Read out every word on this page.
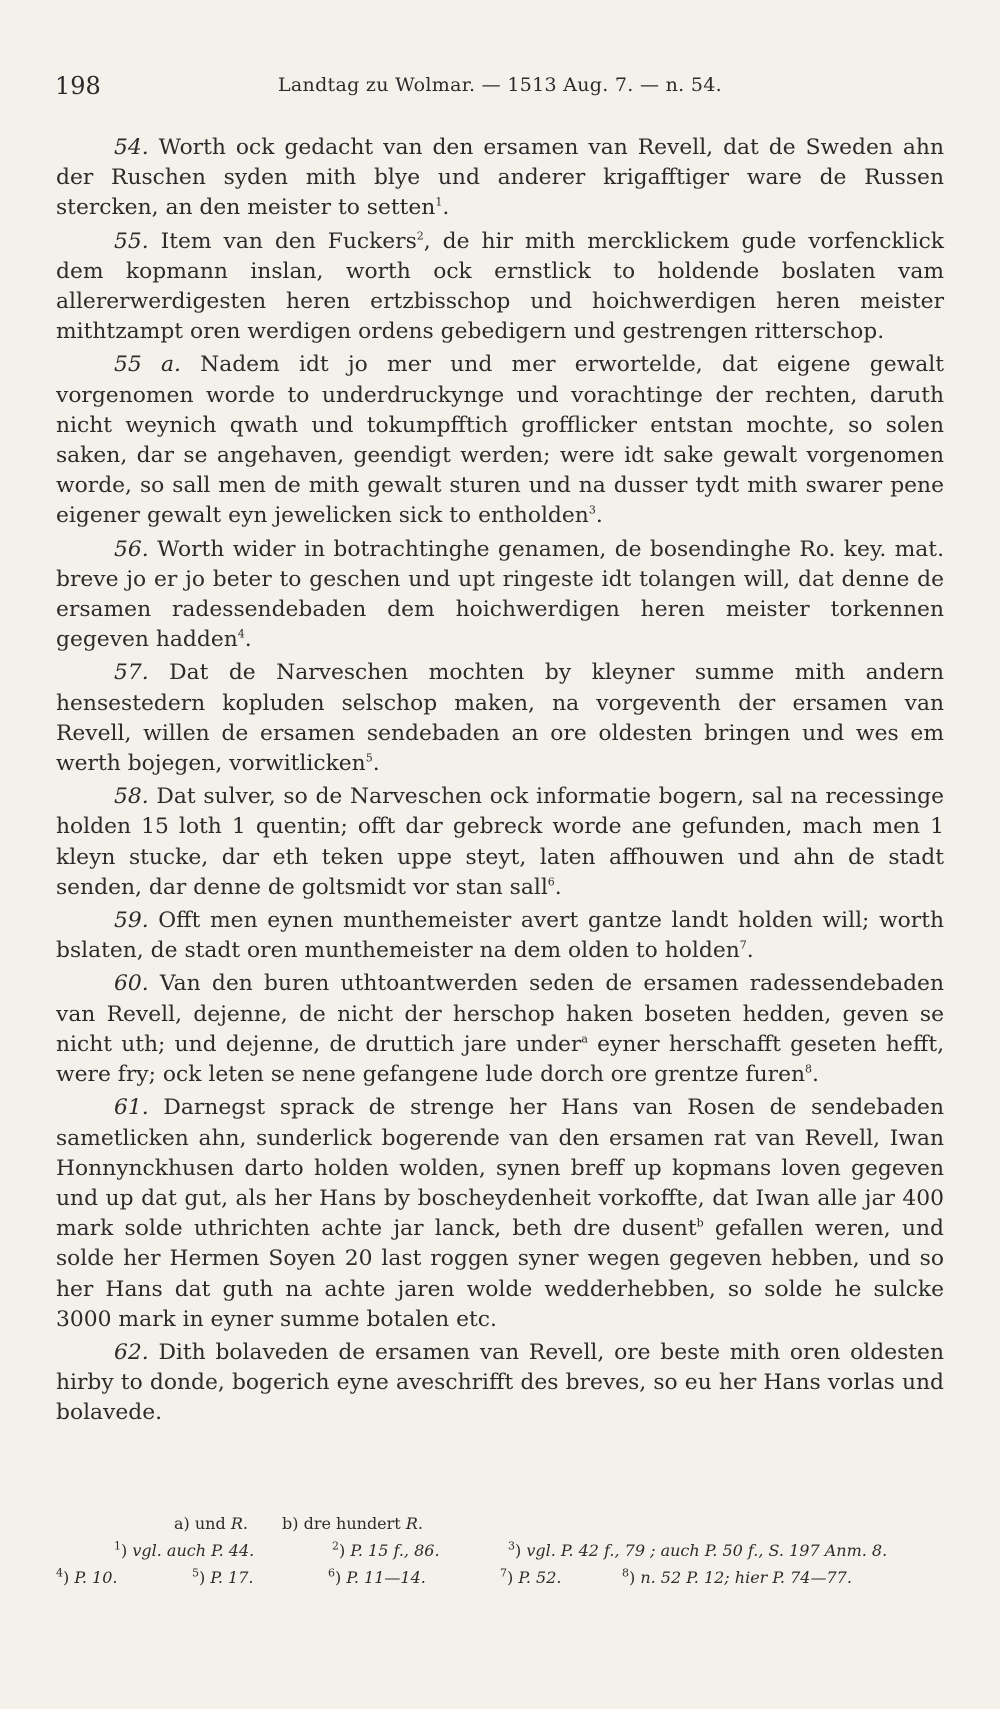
198	Landtag zu Wolmar. — 1513 Aug. 7. — n. 54.

54. Worth ock gedacht van den ersamen van Revell, dat de Sweden ahn der Ruschen syden mith blye und anderer krigafftiger ware de Russen stercken, an den meister to setten$^1$.

55. Item van den Fuckers$^2$, de hir mith mercklickem gude vorfencklick dem kopmann inslan, worth ock ernstlick to holdende boslaten vam allererwerdigesten heren ertzbisschop und hoichwerdigen heren meister mithtzampt oren werdigen ordens gebedigern und gestrengen ritterschop.

55 a. Nadem idt jo mer und mer erwortelde, dat eigene gewalt vorgenomen worde to underdruckynge und vorachtinge der rechten, daruth nicht weynich qwath und tokumpfftich grofflicker entstan mochte, so solen saken, dar se angehaven, geendigt werden; were idt sake gewalt vorgenomen worde, so sall men de mith gewalt sturen und na dusser tydt mith swarer pene eigener gewalt eyn jewelicken sick to entholden$^3$.

56. Worth wider in botrachtinghe genamen, de bosendinghe Ro. key. mat. breve jo er jo beter to geschen und upt ringeste idt tolangen will, dat denne de ersamen radessendebaden dem hoichwerdigen heren meister torkennen gegeven hadden$^4$.

57. Dat de Narveschen mochten by kleyner summe mith andern hensestedern kopluden selschop maken, na vorgeventh der ersamen van Revell, willen de ersamen sendebaden an ore oldesten bringen und wes em werth bojegen, vorwitlicken$^5$.

58. Dat sulver, so de Narveschen ock informatie bogern, sal na recessinge holden 15 loth 1 quentin; offt dar gebreck worde ane gefunden, mach men 1 kleyn stucke, dar eth teken uppe steyt, laten affhouwen und ahn de stadt senden, dar denne de goltsmidt vor stan sall$^6$.

59. Offt men eynen munthemeister avert gantze landt holden will; worth bslaten, de stadt oren munthemeister na dem olden to holden$^7$.

60. Van den buren uthtoantwerden seden de ersamen radessendebaden van Revell, dejenne, de nicht der herschop haken boseten hedden, geven se nicht uth; und dejenne, de druttich jare under$^a$ eyner herschafft geseten hefft, were fry; ock leten se nene gefangene lude dorch ore grentze furen$^8$.

61. Darnegst sprack de strenge her Hans van Rosen de sendebaden sametlicken ahn, sunderlick bogerende van den ersamen rat van Revell, Iwan Honnynckhusen darto holden wolden, synen breff up kopmans loven gegeven und up dat gut, als her Hans by boscheydenheit vorkoffte, dat Iwan alle jar 400 mark solde uthrichten achte jar lanck, beth dre dusent$^b$ gefallen weren, und solde her Hermen Soyen 20 last roggen syner wegen gegeven hebben, und so her Hans dat guth na achte jaren wolde wedderhebben, so solde he sulcke 3000 mark in eyner summe botalen etc.

62. Dith bolaveden de ersamen van Revell, ore beste mith oren oldesten hirby to donde, bogerich eyne aveschrifft des breves, so eu her Hans vorlas und bolavede.

a) und R. b) dre hundert R.
$^1$) vgl. auch P. 44.	$^2$) P. 15 f., 86.	$^3$) vgl. P. 42 f., 79 ; auch P. 50 f., S. 197 Anm. 8.
$^4$) P. 10.	$^5$) P. 17.	$^6$) P. 11—14.	$^7$) P. 52.	$^8$) n. 52 P. 12; hier P. 74—77.
